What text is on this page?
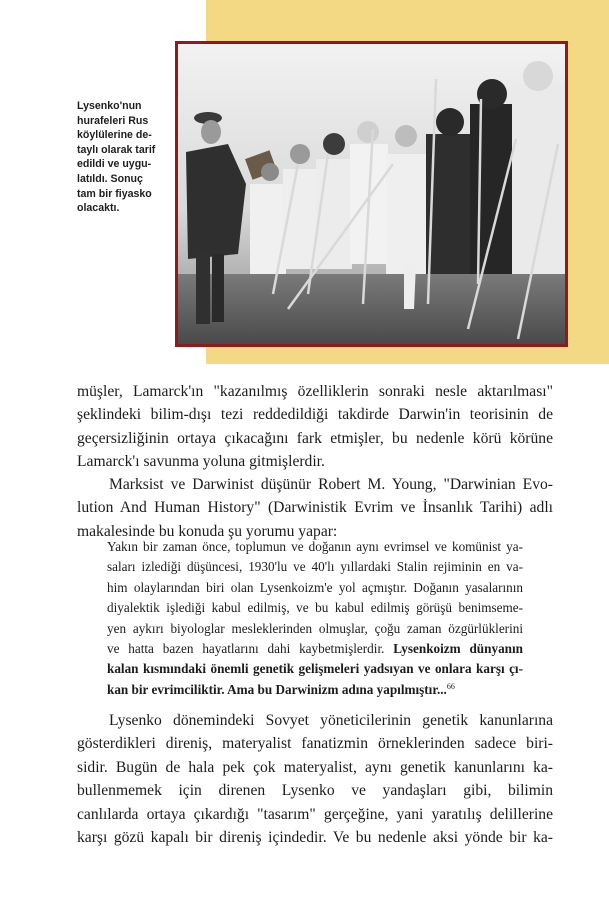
Lysenko'nun
hurafeleri Rus
köylülerine de-
taylı olarak tarif
edildi ve uygu-
latıldı. Sonuç
tam bir fiyasko
olacaktı.
müşler, Lamarck'ın "kazanılmış özelliklerin sonraki nesle aktarılması"
şeklindeki bilim-dışı tezi reddedildiği takdirde Darwin'in teorisinin de
geçersizliğinin ortaya çıkacağını fark etmişler, bu nedenle körü körüne
Lamarck'ı savunma yoluna gitmişlerdir.
Marksist ve Darwinist düşünür Robert M. Young, "Darwinian Evo-
lution And Human History" (Darwinistik Evrim ve İnsanlık Tarihi) adlı
makalesinde bu konuda şu yorumu yapar:
Yakın bir zaman önce, toplumun ve doğanın aynı evrimsel ve komünist ya-
saları izlediği düşüncesi, 1930'lu ve 40'lı yıllardaki Stalin rejiminin en va-
him olaylarından biri olan Lysenkoizm'e yol açmıştır. Doğanın yasalarının
diyalektik işlediği kabul edilmiş, ve bu kabul edilmiş görüşü benimseme-
yen aykırı biyologlar mesleklerinden olmuşlar, çoğu zaman özgürlüklerini
ve hatta bazen hayatlarını dahi kaybetmişlerdir. Lysenkoizm dünyanın
kalan kısmındaki önemli genetik gelişmeleri yadsıyan ve onlara karşı çı-
kan bir evrimciliktir. Ama bu Darwinizm adına yapılmıştır...$^{66}$
Lysenko dönemindeki Sovyet yöneticilerinin genetik kanunlarına
gösterdikleri direniş, materyalist fanatizmin örneklerinden sadece biri-
sidir. Bugün de hala pek çok materyalist, aynı genetik kanunlarını ka-
bullenmemek için direnen Lysenko ve yandaşları gibi, bilimin
canlılarda ortaya çıkardığı "tasarım" gerçeğine, yani yaratılış delillerine
karşı gözü kapalı bir direniş içindedir. Ve bu nedenle aksi yönde bir ka-
